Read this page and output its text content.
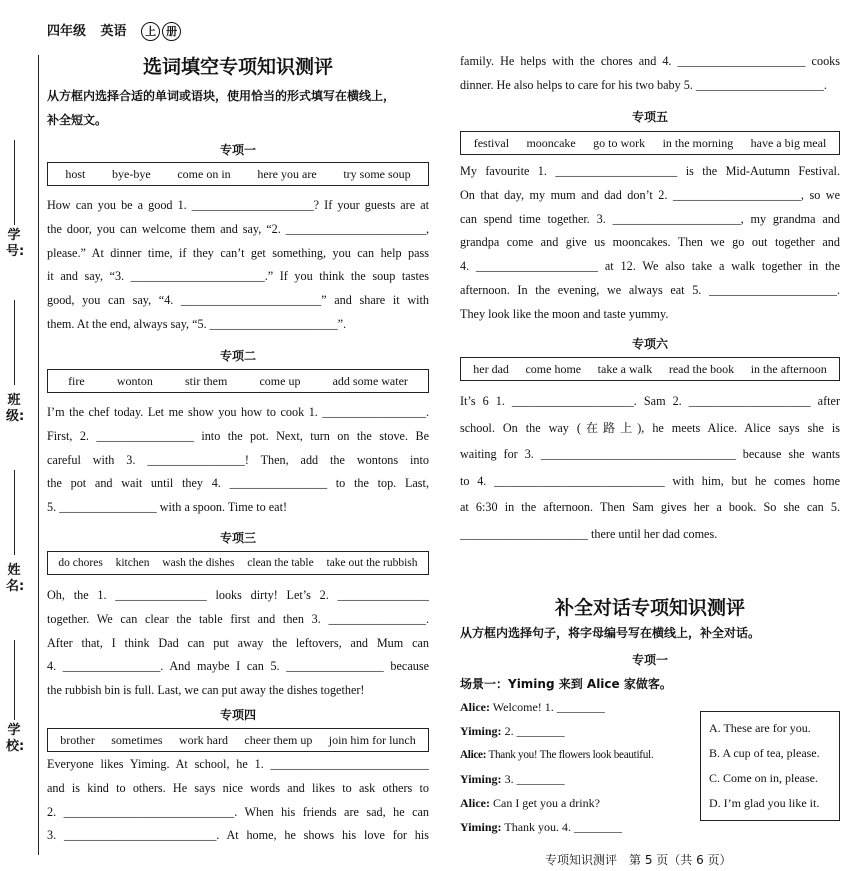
四年级 英语 上 册
学号:
班级:
姓名:
学校:
选词填空专项知识测评
从方框内选择合适的单词或语块，使用恰当的形式填写在横线上，
补全短文。
专项一
host bye-bye come on in here you are try some soup
How can you be a good 1. ____________________? If your guests are at
the door, you can welcome them and say, “2. _______________________,
please.” At dinner time, if they can’t get something, you can help pass
it and say, “3. ______________________.” If you think the soup tastes
good, you can say, “4. _______________________” and share it with
them. At the end, always say, “5. _____________________”.
专项二
fire	wonton	stir them	come up	add some water
I’m the chef today. Let me show you how to cook 1. _________________.
First, 2. ________________ into the pot. Next, turn on the stove. Be
careful with 3. ________________! Then, add the wontons into
the pot and wait until they 4. ________________ to the top. Last,
5. ________________ with a spoon. Time to eat!
专项三
do chores kitchen wash the dishes clean the table take out the rubbish
Oh, the 1. _______________ looks dirty! Let’s 2. _______________
together. We can clear the table first and then 3. ________________.
After that, I think Dad can put away the leftovers, and Mum can
4. ________________. And maybe I can 5. ________________ because
the rubbish bin is full. Last, we can put away the dishes together!
专项四
brother sometimes work hard cheer them up join him for lunch
Everyone likes Yiming. At school, he 1. __________________________
and is kind to others. He says nice words and likes to ask others to
2. ____________________________. When his friends are sad, he can
3. _________________________. At home, he shows his love for his
family. He helps with the chores and 4. _____________________ cooks
dinner. He also helps to care for his two baby 5. _____________________.
专项五
festival mooncake go to work in the morning have a big meal
My favourite 1. ____________________ is the Mid-Autumn Festival.
On that day, my mum and dad don’t 2. _____________________, so we
can spend time together. 3. _____________________, my grandma and
grandpa come and give us mooncakes. Then we go out together and
4. ____________________ at 12. We also take a walk together in the
afternoon. In the evening, we always eat 5. _____________________.
They look like the moon and taste yummy.
专项六
her dad come home take a walk read the book in the afternoon
It’s 6 1. ____________________. Sam 2. ____________________ after
school. On the way (在路上), he meets Alice. Alice says she is
waiting for 3. ________________________________ because she wants
to 4. ____________________________ with him, but he comes home
at 6:30 in the afternoon. Then Sam gives her a book. So she can 5.
_____________________ there until her dad comes.
补全对话专项知识测评
从方框内选择句子，将字母编号写在横线上，补全对话。
专项一
场景一：Yiming 来到 Alice 家做客。
Alice: Welcome! 1. ________
Yiming: 2. ________
Alice: Thank you! The flowers look beautiful.
Yiming: 3. ________
Alice: Can I get you a drink?
Yiming: Thank you. 4. ________
A. These are for you.
B. A cup of tea, please.
C. Come on in, please.
D. I’m glad you like it.
专项知识测评　第 5 页（共 6 页）
